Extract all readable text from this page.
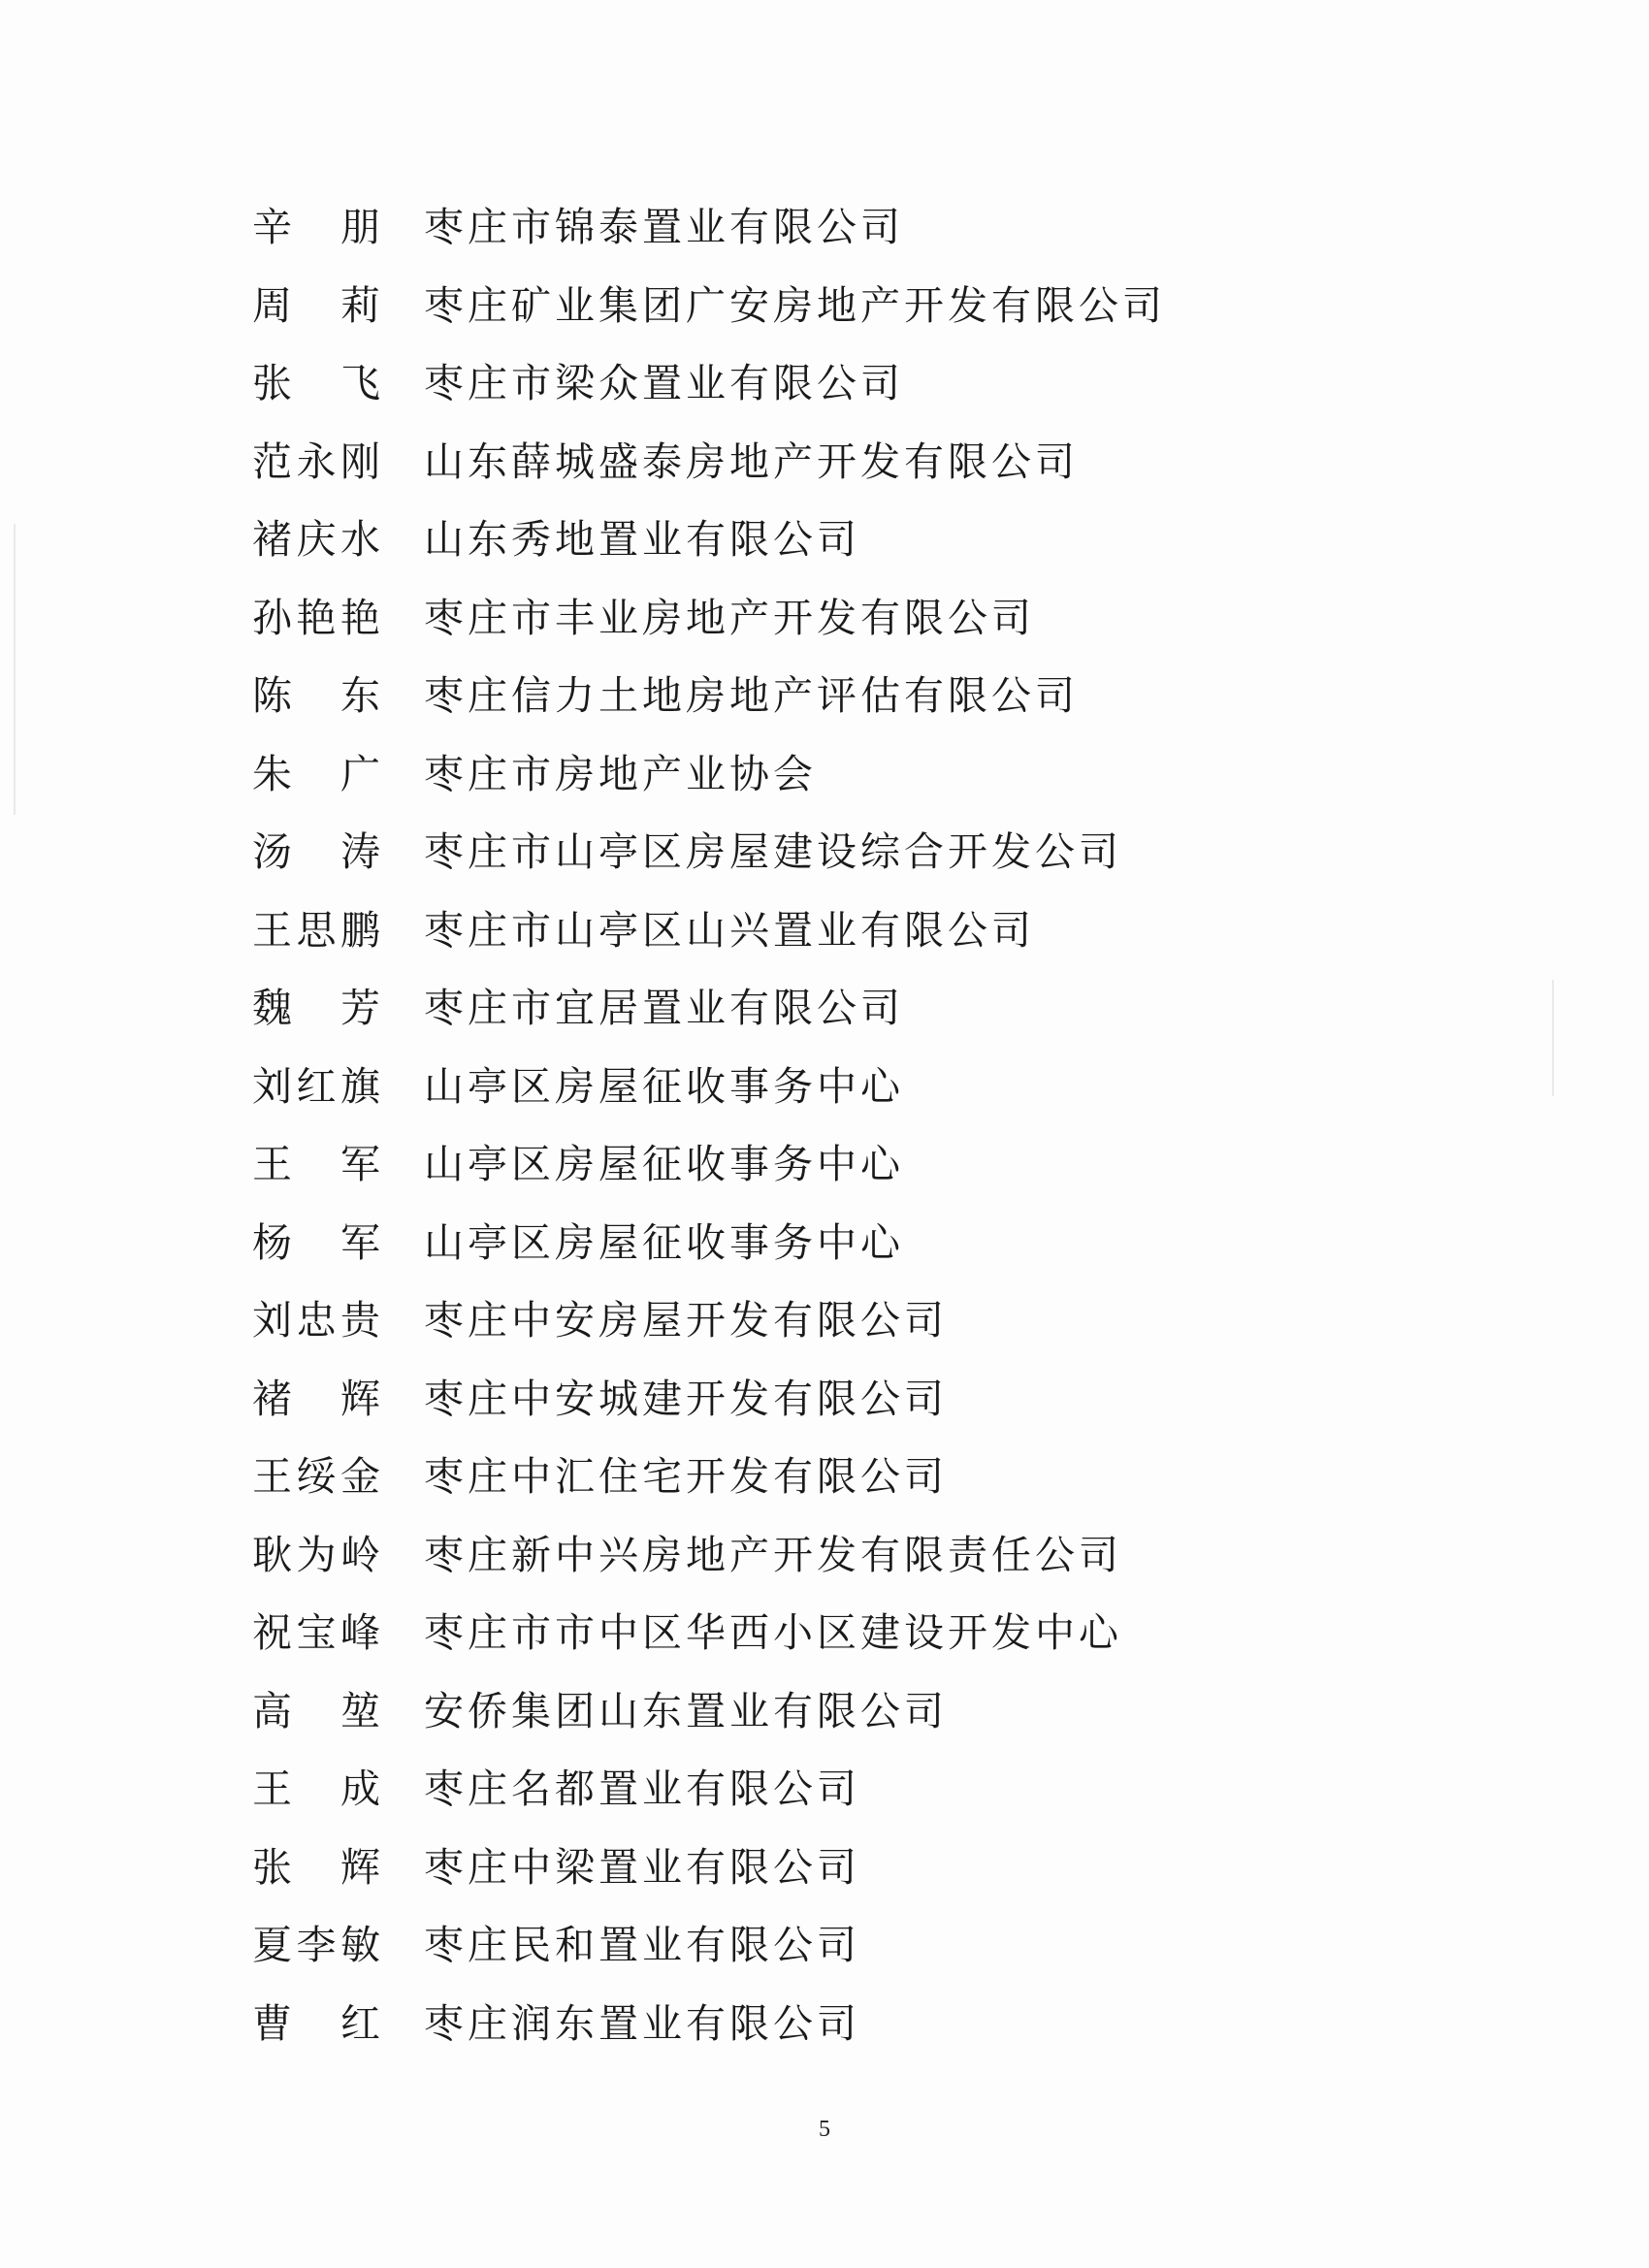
辛 朋 枣庄市锦泰置业有限公司
周 莉 枣庄矿业集团广安房地产开发有限公司
张 飞 枣庄市梁众置业有限公司
范 永 刚 山东薛城盛泰房地产开发有限公司
褚 庆 水 山东秀地置业有限公司
孙 艳 艳 枣庄市丰业房地产开发有限公司
陈 东 枣庄信力土地房地产评估有限公司
朱 广 枣庄市房地产业协会
汤 涛 枣庄市山亭区房屋建设综合开发公司
王 思 鹏 枣庄市山亭区山兴置业有限公司
魏 芳 枣庄市宜居置业有限公司
刘 红 旗 山亭区房屋征收事务中心
王 军 山亭区房屋征收事务中心
杨 军 山亭区房屋征收事务中心
刘 忠 贵 枣庄中安房屋开发有限公司
褚 辉 枣庄中安城建开发有限公司
王 绥 金 枣庄中汇住宅开发有限公司
耿 为 岭 枣庄新中兴房地产开发有限责任公司
祝 宝 峰 枣庄市市中区华西小区建设开发中心
高 堃 安侨集团山东置业有限公司
王 成 枣庄名都置业有限公司
张 辉 枣庄中梁置业有限公司
夏 李 敏 枣庄民和置业有限公司
曹 红 枣庄润东置业有限公司
5
